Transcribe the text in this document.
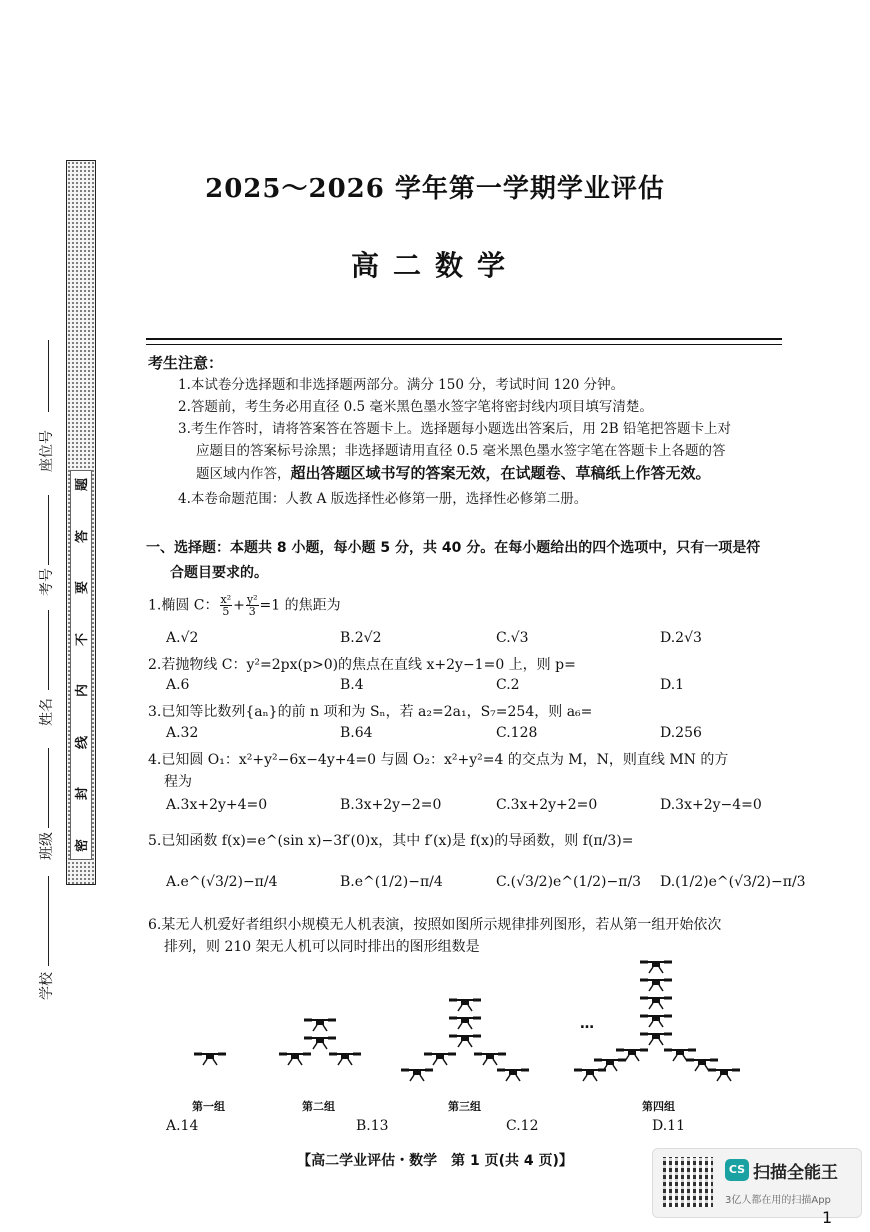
题
答
要
不
内
线
封
密
座位号
考号
姓名
班级
学校
2025～2026 学年第一学期学业评估
高二数学
考生注意：
1.本试卷分选择题和非选择题两部分。满分 150 分，考试时间 120 分钟。
2.答题前，考生务必用直径 0.5 毫米黑色墨水签字笔将密封线内项目填写清楚。
3.考生作答时，请将答案答在答题卡上。选择题每小题选出答案后，用 2B 铅笔把答题卡上对
应题目的答案标号涂黑；非选择题请用直径 0.5 毫米黑色墨水签字笔在答题卡上各题的答
题区域内作答，超出答题区域书写的答案无效，在试题卷、草稿纸上作答无效。
4.本卷命题范围：人教 A 版选择性必修第一册，选择性必修第二册。
一、选择题：本题共 8 小题，每小题 5 分，共 40 分。在每小题给出的四个选项中，只有一项是符
合题目要求的。
1.椭圆 C： $\frac{\text{x²}}{5} + \frac{\text{y²}}{3} =1$ 的焦距为
A.√2	B.2√2	C.√3	D.2√3
2.若抛物线 C：y²=2px(p>0)的焦点在直线 x+2y−1=0 上，则 p=
A.6	B.4	C.2	D.1
3.已知等比数列{aₙ}的前 n 项和为 Sₙ，若 a₂=2a₁，S₇=254，则 a₆=
A.32	B.64	C.128	D.256
4.已知圆 O₁：x²+y²−6x−4y+4=0 与圆 O₂：x²+y²=4 的交点为 M，N，则直线 MN 的方
程为
A.3x+2y+4=0	B.3x+2y−2=0	C.3x+2y+2=0	D.3x+2y−4=0
5.已知函数 f(x)=e^(sin x)−3f′(0)x，其中 f′(x)是 f(x)的导函数，则 f(π/3)=
A.e^(√3/2)−π/4	B.e^(1/2)−π/4	C.(√3/2)e^(1/2)−π/3 D.(1/2)e^(√3/2)−π/3
6.某无人机爱好者组织小规模无人机表演，按照如图所示规律排列图形，若从第一组开始依次
排列，则 210 架无人机可以同时排出的图形组数是
…
第一组	第二组	第三组	第四组
A.14	B.13	C.12	D.11
【高二学业评估・数学　第 1 页(共 4 页)】
CS 扫描全能王
3亿人都在用的扫描App
1
